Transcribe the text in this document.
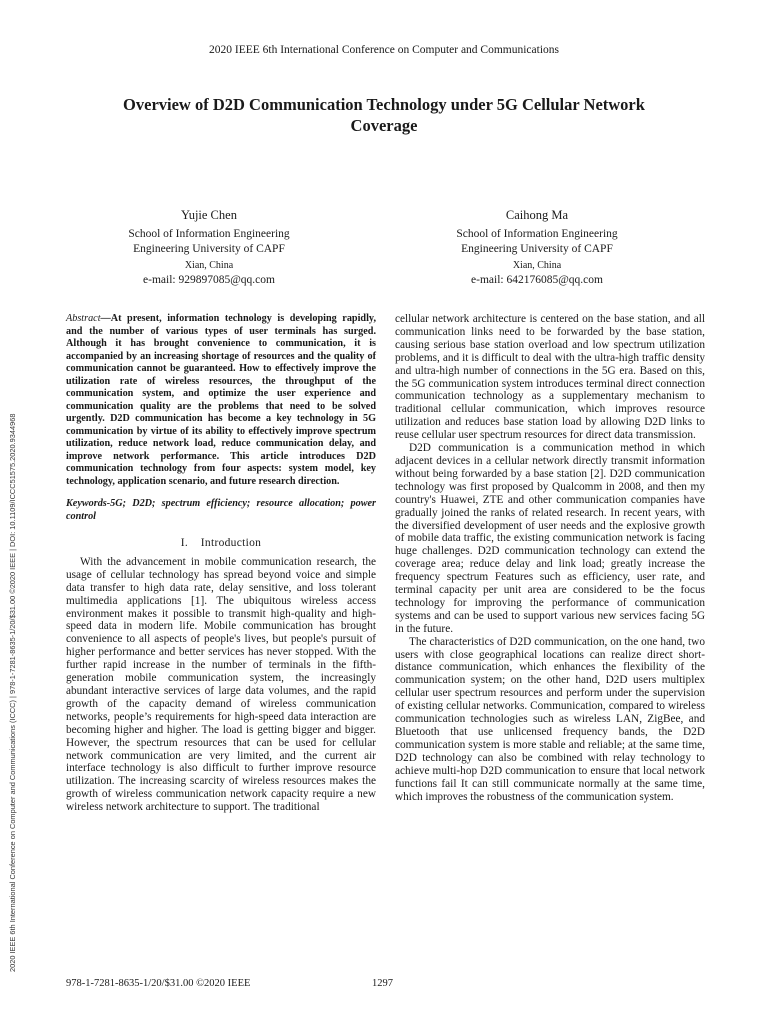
2020 IEEE 6th International Conference on Computer and Communications
Overview of D2D Communication Technology under 5G Cellular Network
Coverage
Yujie Chen
School of Information Engineering
Engineering University of CAPF
Xian, China
e-mail: 929897085@qq.com
Caihong Ma
School of Information Engineering
Engineering University of CAPF
Xian, China
e-mail: 642176085@qq.com
2020 IEEE 6th International Conference on Computer and Communications (ICCC) | 978-1-7281-8635-1/20/$31.00 ©2020 IEEE | DOI: 10.1109/ICCC51575.2020.9344968

Abstract—At present, information technology is developing rapidly, and the number of various types of user terminals has surged. Although it has brought convenience to communication, it is accompanied by an increasing shortage of resources and the quality of communication cannot be guaranteed. How to effectively improve the utilization rate of wireless resources, the throughput of the communication system, and optimize the user experience and communication quality are the problems that need to be solved urgently. D2D communication has become a key technology in 5G communication by virtue of its ability to effectively improve spectrum utilization, reduce network load, reduce communication delay, and improve network performance. This article introduces D2D communication technology from four aspects: system model, key technology, application scenario, and future research direction.

Keywords-5G; D2D; spectrum efficiency; resource allocation; power control

I. Introduction

With the advancement in mobile communication research, the usage of cellular technology has spread beyond voice and simple data transfer to high data rate, delay sensitive, and loss tolerant multimedia applications [1]. The ubiquitous wireless access environment makes it possible to transmit high-quality and high-speed data in modern life. Mobile communication has brought convenience to all aspects of people's lives, but people's pursuit of higher performance and better services has never stopped. With the further rapid increase in the number of terminals in the fifth-generation mobile communication system, the increasingly abundant interactive services of large data volumes, and the rapid growth of the capacity demand of wireless communication networks, people’s requirements for high-speed data interaction are becoming higher and higher. The load is getting bigger and bigger. However, the spectrum resources that can be used for cellular network communication are very limited, and the current air interface technology is also difficult to further improve resource utilization. The increasing scarcity of wireless resources makes the growth of wireless communication network capacity require a new wireless network architecture to support. The traditional

cellular network architecture is centered on the base station, and all communication links need to be forwarded by the base station, causing serious base station overload and low spectrum utilization problems, and it is difficult to deal with the ultra-high traffic density and ultra-high number of connections in the 5G era. Based on this, the 5G communication system introduces terminal direct connection communication technology as a supplementary mechanism to traditional cellular communication, which improves resource utilization and reduces base station load by allowing D2D links to reuse cellular user spectrum resources for direct data transmission.

D2D communication is a communication method in which adjacent devices in a cellular network directly transmit information without being forwarded by a base station [2]. D2D communication technology was first proposed by Qualcomm in 2008, and then my country's Huawei, ZTE and other communication companies have gradually joined the ranks of related research. In recent years, with the diversified development of user needs and the explosive growth of mobile data traffic, the existing communication network is facing huge challenges. D2D communication technology can extend the coverage area; reduce delay and link load; greatly increase the frequency spectrum Features such as efficiency, user rate, and terminal capacity per unit area are considered to be the focus technology for improving the performance of communication systems and can be used to support various new services facing 5G in the future.

The characteristics of D2D communication, on the one hand, two users with close geographical locations can realize direct short-distance communication, which enhances the flexibility of the communication system; on the other hand, D2D users multiplex cellular user spectrum resources and perform under the supervision of existing cellular networks. Communication, compared to wireless communication technologies such as wireless LAN, ZigBee, and Bluetooth that use unlicensed frequency bands, the D2D communication system is more stable and reliable; at the same time, D2D technology can also be combined with relay technology to achieve multi-hop D2D communication to ensure that local network functions fail It can still communicate normally at the same time, which improves the robustness of the communication system.

978-1-7281-8635-1/20/$31.00 ©2020 IEEE	1297
